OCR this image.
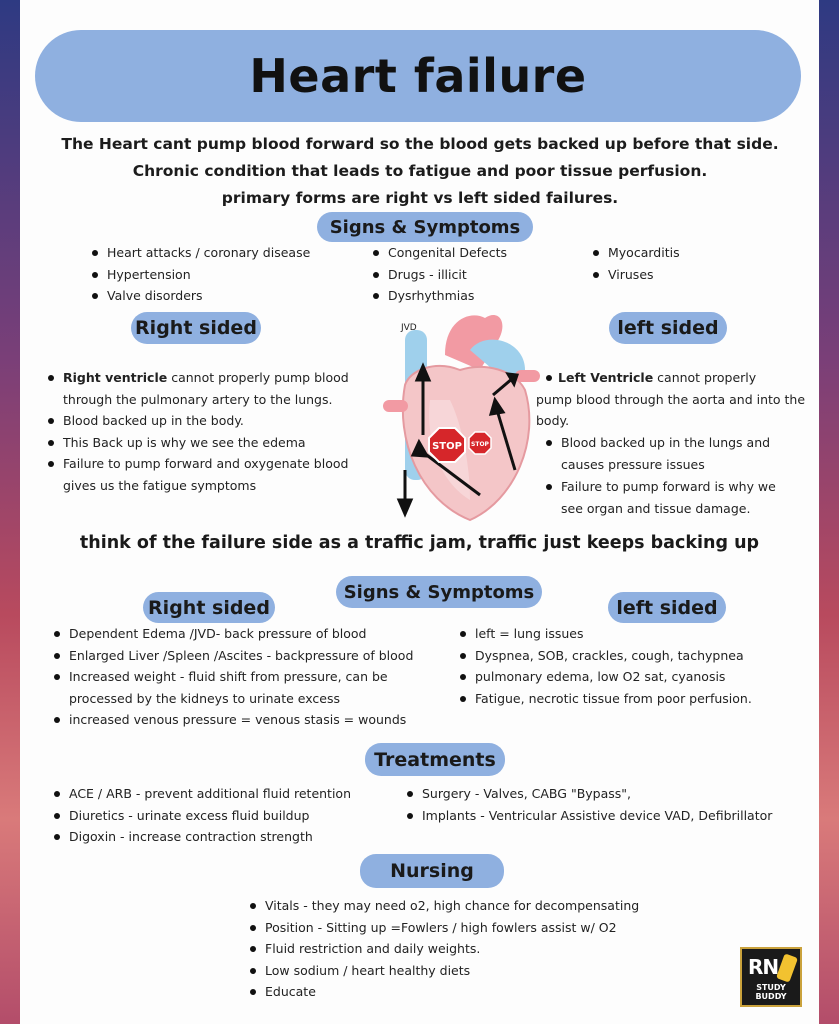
Heart failure
The Heart cant pump blood forward so the blood gets backed up before that side.
Chronic condition that leads to fatigue and poor tissue perfusion.
primary forms are right vs left sided failures.
Signs & Symptoms
Heart attacks / coronary disease
Hypertension
Valve disorders
Congenital Defects
Drugs - illicit
Dysrhythmias
Myocarditis
Viruses
Right sided	left sided
STOP STOP
JVD
Right ventricle cannot properly pump blood
through the pulmonary artery to the lungs.
Blood backed up in the body.
This Back up is why we see the edema
Failure to pump forward and oxygenate blood
gives us the fatigue symptoms
Left Ventricle cannot properly
pump blood through the aorta and into the
body.
Blood backed up in the lungs and
causes pressure issues
Failure to pump forward is why we
see organ and tissue damage.
think of the failure side as a traffic jam, traffic just keeps backing up
Signs & Symptoms
Right sided	left sided
Dependent Edema /JVD- back pressure of blood
Enlarged Liver /Spleen /Ascites - backpressure of blood
Increased weight - fluid shift from pressure, can be
processed by the kidneys to urinate excess
increased venous pressure = venous stasis = wounds
left = lung issues
Dyspnea, SOB, crackles, cough, tachypnea
pulmonary edema, low O2 sat, cyanosis
Fatigue, necrotic tissue from poor perfusion.
Treatments
ACE / ARB - prevent additional fluid retention
Diuretics - urinate excess fluid buildup
Digoxin - increase contraction strength
Surgery - Valves, CABG "Bypass",
Implants - Ventricular Assistive device VAD, Defibrillator
Nursing
Vitals - they may need o2, high chance for decompensating
Position - Sitting up =Fowlers / high fowlers assist w/ O2
Fluid restriction and daily weights.
Low sodium / heart healthy diets
Educate
RN
STUDY BUDDY
